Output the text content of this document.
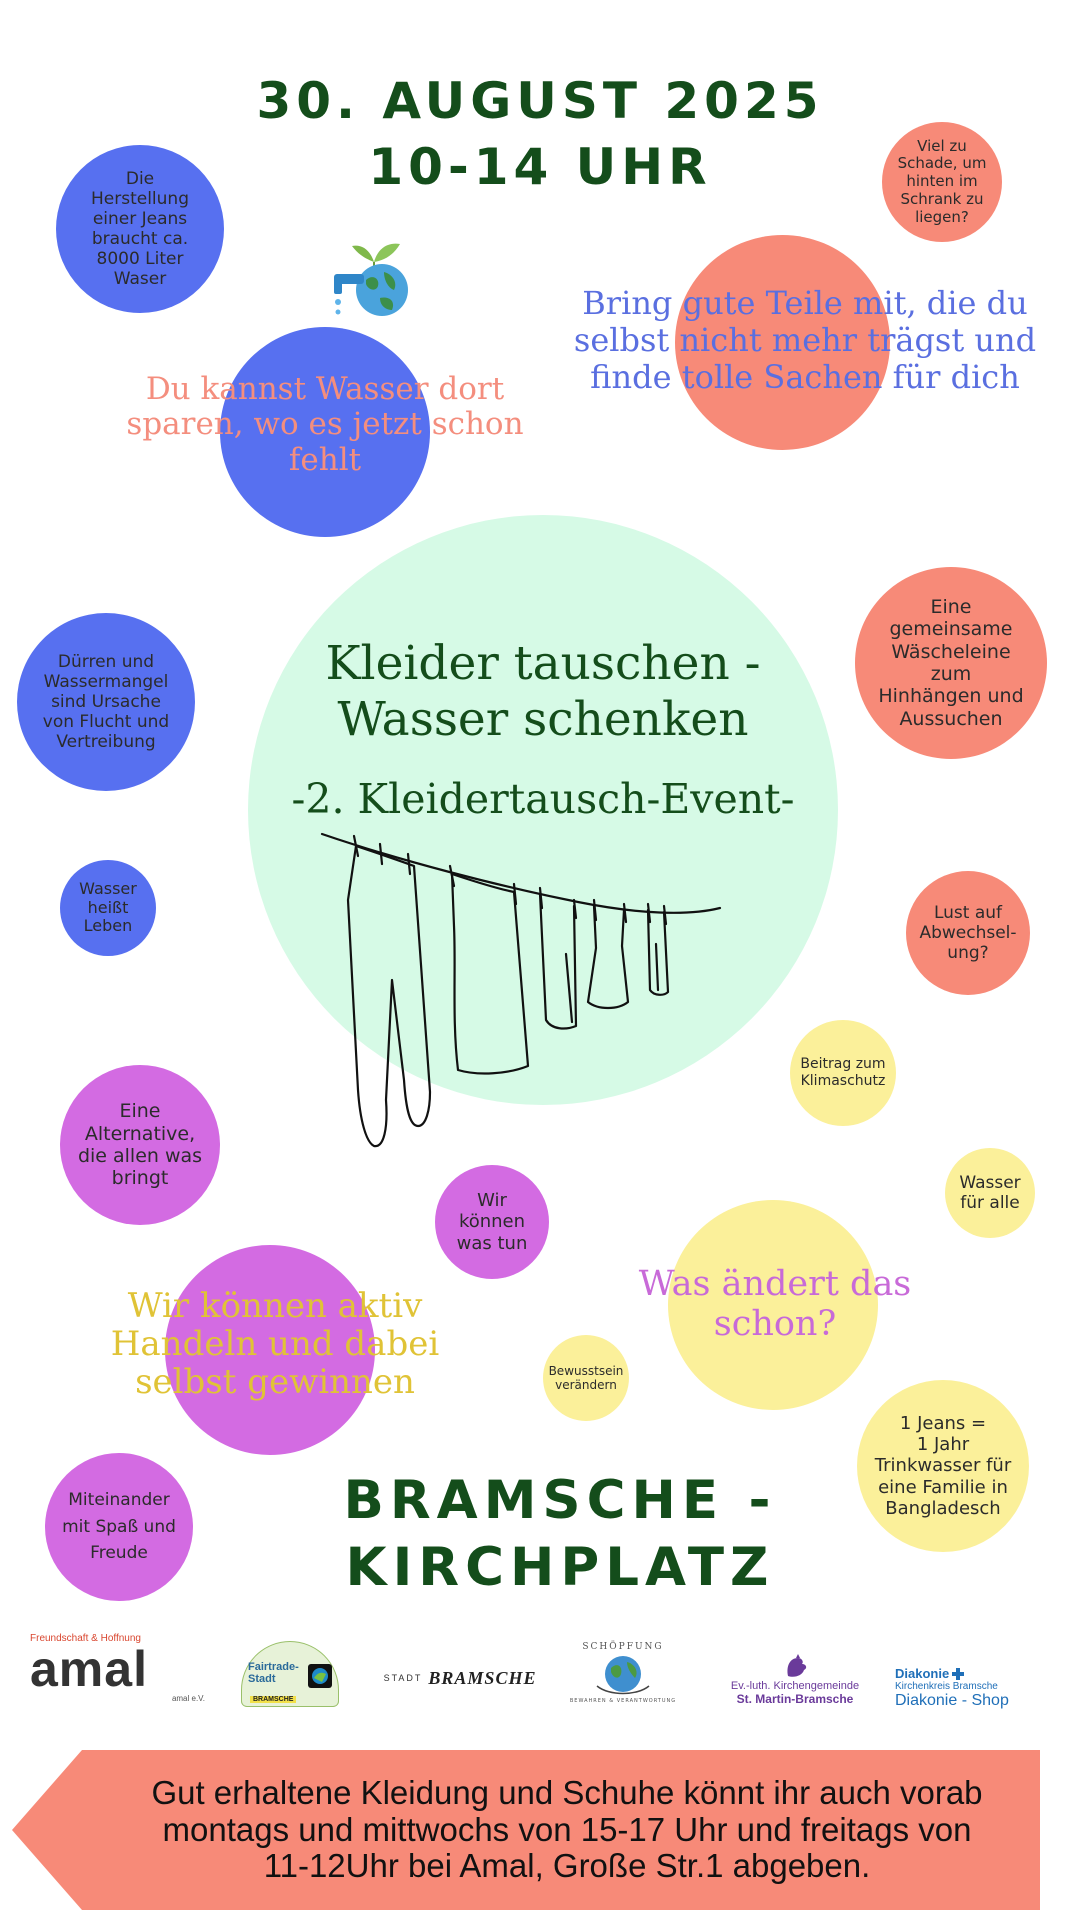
30. AUGUST 2025
10-14 UHR
Die
Herstellung
einer Jeans
braucht ca.
8000 Liter
Waser
Dürren und
Wassermangel
sind Ursache
von Flucht und
Vertreibung
Wasser
heißt
Leben
Viel zu
Schade, um
hinten im
Schrank zu
liegen?
Eine
gemeinsame
Wäscheleine
zum
Hinhängen und
Aussuchen
Lust auf
Abwechsel-
ung?
Beitrag zum
Klimaschutz
Wasser
für alle
Bewusstsein
verändern
1 Jeans =
1 Jahr
Trinkwasser für
eine Familie in
Bangladesch
Eine
Alternative,
die allen was
bringt
Wir
können
was tun
Miteinander
mit Spaß und
Freude
Bring gute Teile mit, die du
selbst nicht mehr trägst und
finde tolle Sachen für dich
Du kannst Wasser dort
sparen, wo es jetzt schon
fehlt
Was ändert das
schon?
Wir können aktiv
Handeln und dabei
selbst gewinnen
Kleider tauschen -
Wasser schenken
-2. Kleidertausch-Event-
BRAMSCHE -
KIRCHPLATZ
Freundschaft & Hoffnung
amal
amal e.V.
Fairtrade-
Stadt
BRAMSCHE
STADT BRAMSCHE
SCHÖPFUNG
BEWAHREN & VERANTWORTUNG
Ev.-luth. Kirchengemeinde
St. Martin-Bramsche
Diakonie
Kirchenkreis Bramsche
Diakonie - Shop
Gut erhaltene Kleidung und Schuhe könnt ihr auch vorab
montags und mittwochs von 15-17 Uhr und freitags von
11-12Uhr bei Amal, Große Str.1 abgeben.
